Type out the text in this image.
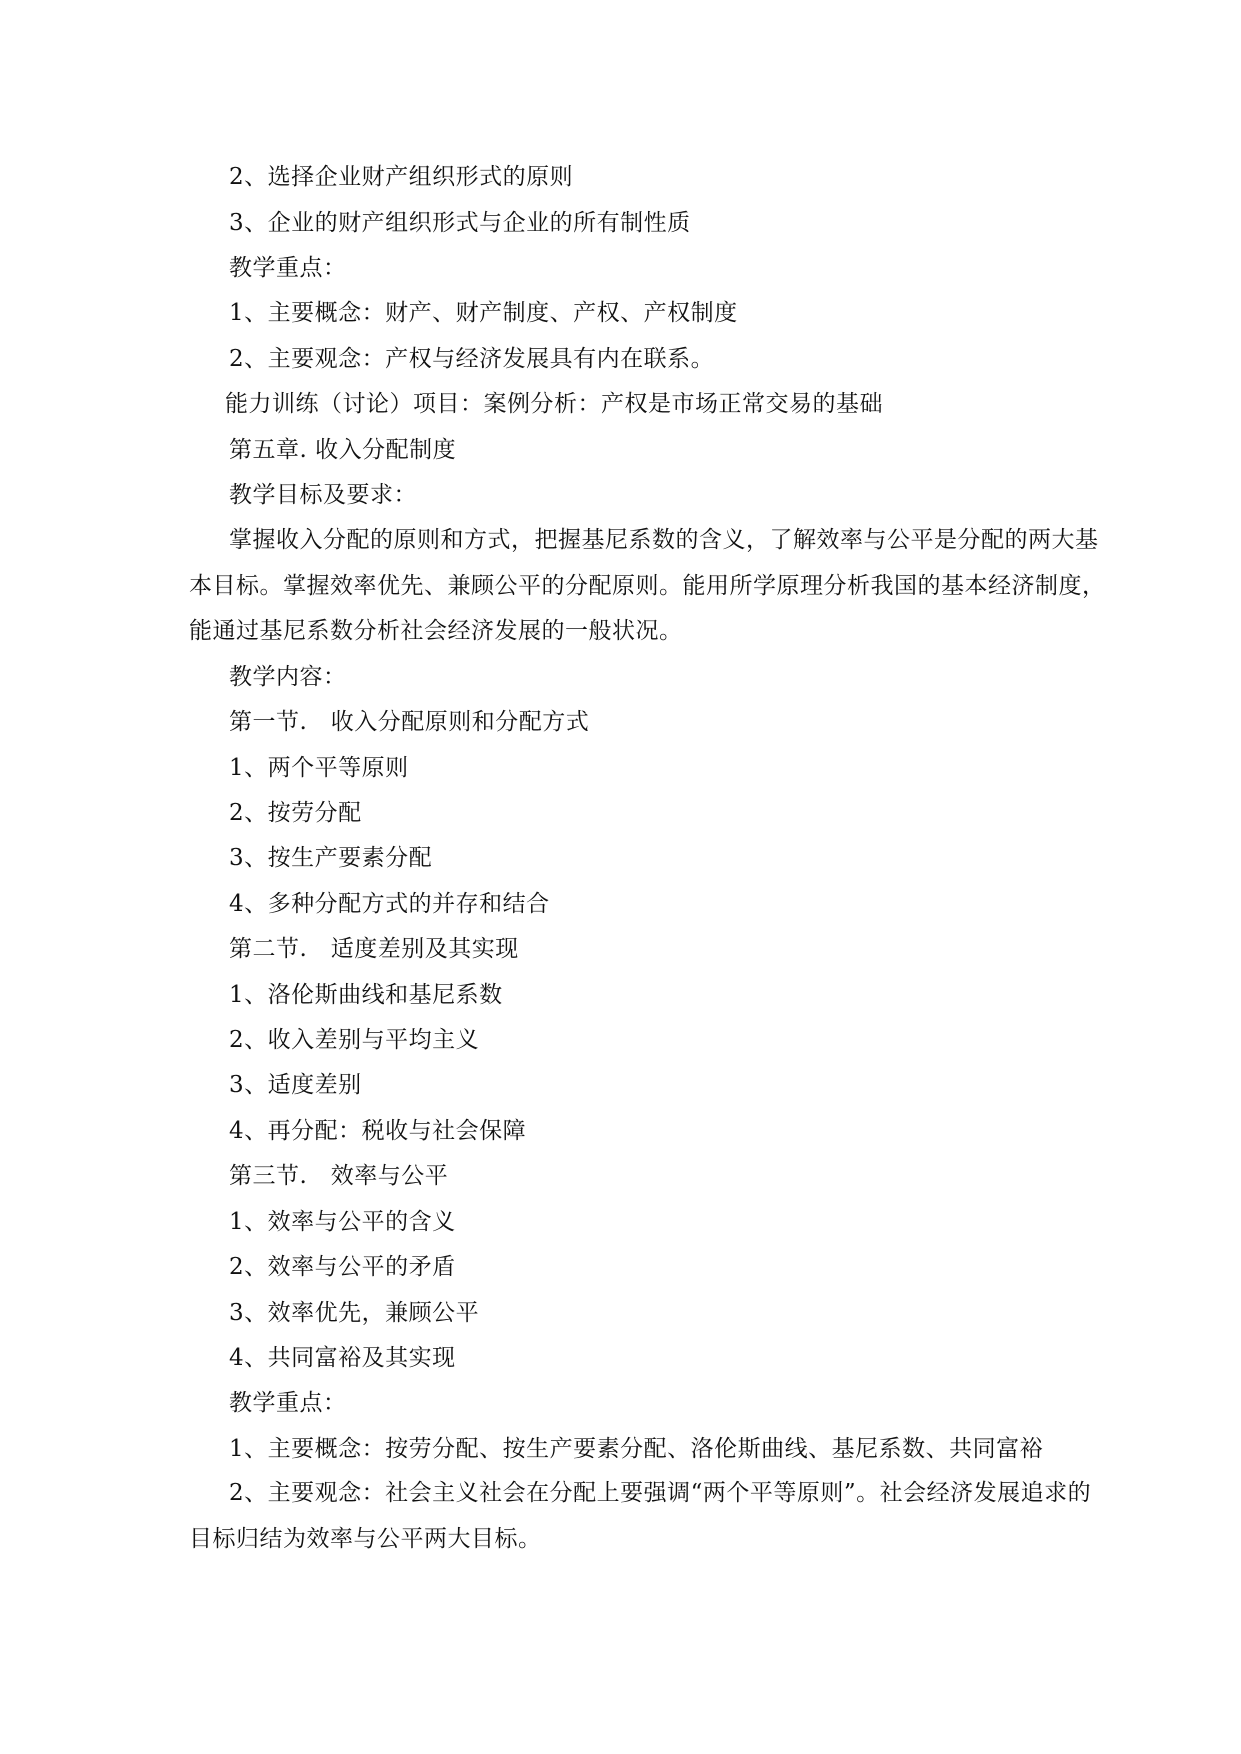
2、选择企业财产组织形式的原则
3、企业的财产组织形式与企业的所有制性质
教学重点：
1、主要概念：财产、财产制度、产权、产权制度
2、主要观念：产权与经济发展具有内在联系。
能力训练（讨论）项目：案例分析：产权是市场正常交易的基础
第五章. 收入分配制度
教学目标及要求：
掌握收入分配的原则和方式，把握基尼系数的含义，了解效率与公平是分配的两大基本目标。掌握效率优先、兼顾公平的分配原则。能用所学原理分析我国的基本经济制度，能通过基尼系数分析社会经济发展的一般状况。
教学内容：
第一节.　收入分配原则和分配方式
1、两个平等原则
2、按劳分配
3、按生产要素分配
4、多种分配方式的并存和结合
第二节.　适度差别及其实现
1、洛伦斯曲线和基尼系数
2、收入差别与平均主义
3、适度差别
4、再分配：税收与社会保障
第三节.　效率与公平
1、效率与公平的含义
2、效率与公平的矛盾
3、效率优先，兼顾公平
4、共同富裕及其实现
教学重点：
1、主要概念：按劳分配、按生产要素分配、洛伦斯曲线、基尼系数、共同富裕
2、主要观念：社会主义社会在分配上要强调“两个平等原则”。社会经济发展追求的目标归结为效率与公平两大目标。
